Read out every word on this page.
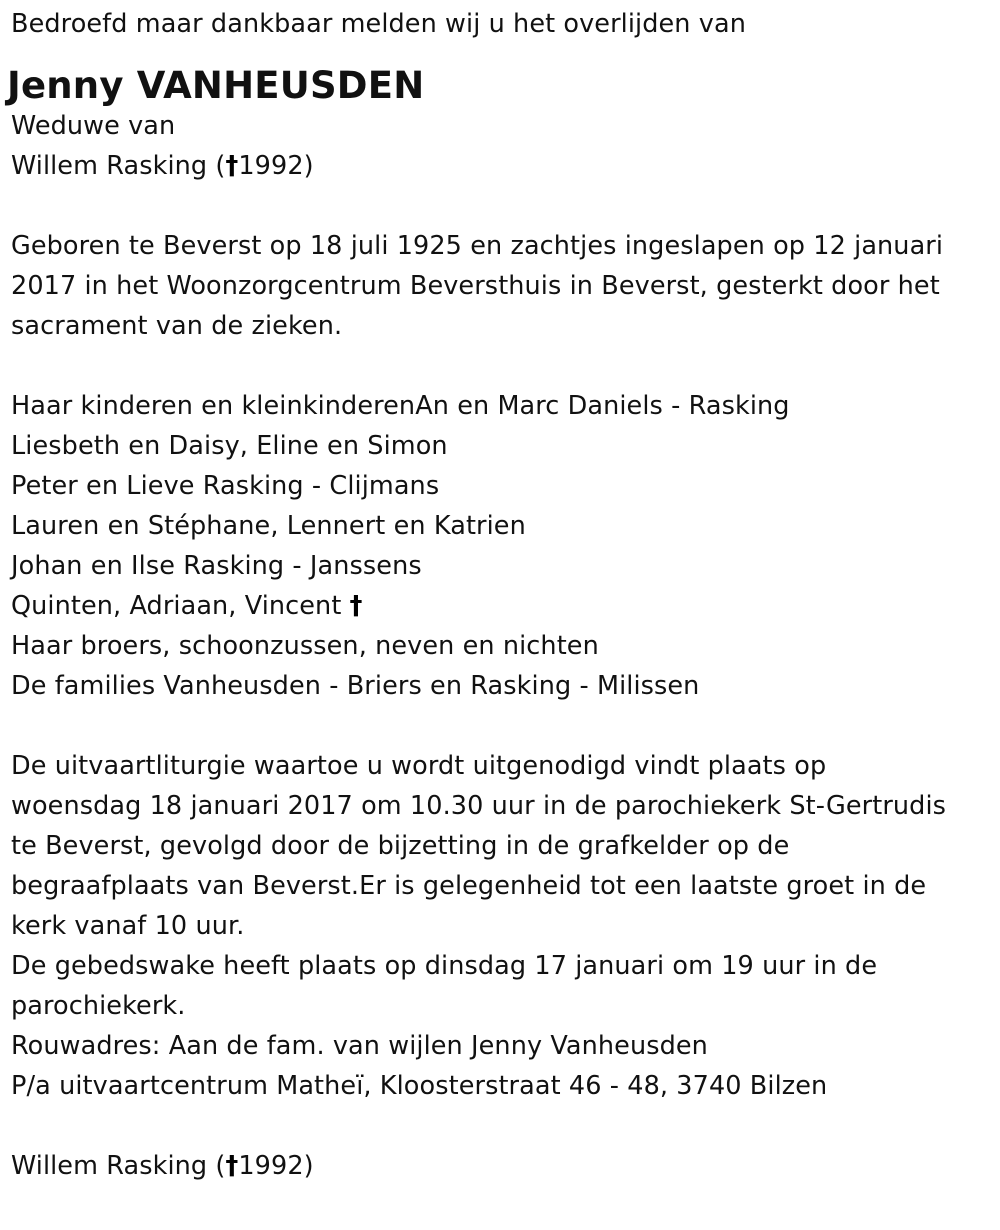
Bedroefd maar dankbaar melden wij u het overlijden van
Jenny VANHEUSDEN
Weduwe van
Willem Rasking (†1992)
Geboren te Beverst op 18 juli 1925 en zachtjes ingeslapen op 12 januari
2017 in het Woonzorgcentrum Beversthuis in Beverst, gesterkt door het
sacrament van de zieken.
Haar kinderen en kleinkinderenAn en Marc Daniels - Rasking
Liesbeth en Daisy, Eline en Simon
Peter en Lieve Rasking - Clijmans
Lauren en Stéphane, Lennert en Katrien
Johan en Ilse Rasking - Janssens
Quinten, Adriaan, Vincent †
Haar broers, schoonzussen, neven en nichten
De families Vanheusden - Briers en Rasking - Milissen
De uitvaartliturgie waartoe u wordt uitgenodigd vindt plaats op
woensdag 18 januari 2017 om 10.30 uur in de parochiekerk St-Gertrudis
te Beverst, gevolgd door de bijzetting in de grafkelder op de
begraafplaats van Beverst.Er is gelegenheid tot een laatste groet in de
kerk vanaf 10 uur.
De gebedswake heeft plaats op dinsdag 17 januari om 19 uur in de
parochiekerk.
Rouwadres: Aan de fam. van wijlen Jenny Vanheusden
P/a uitvaartcentrum Matheï, Kloosterstraat 46 - 48, 3740 Bilzen
Willem Rasking (†1992)
